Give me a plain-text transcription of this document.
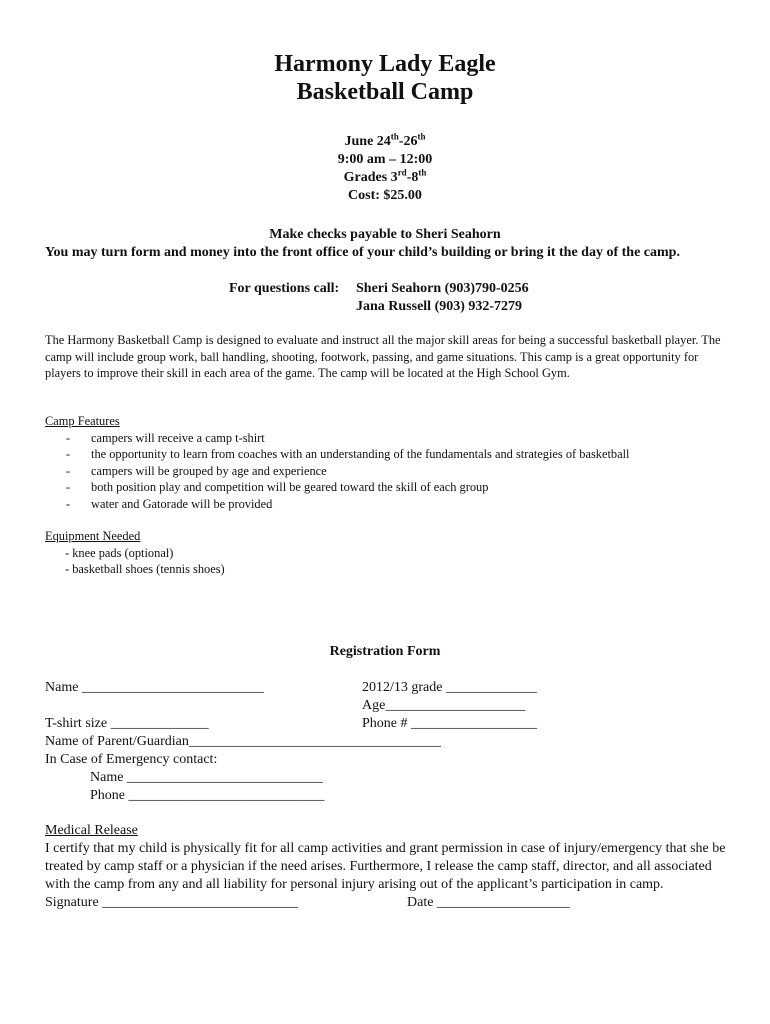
Harmony Lady Eagle
Basketball Camp
June 24th-26th
9:00 am – 12:00
Grades 3rd-8th
Cost: $25.00
Make checks payable to Sheri Seahorn
You may turn form and money into the front office of your child’s building or bring it the day of the camp.
For questions call:	Sheri Seahorn (903)790-0256
Jana Russell (903) 932-7279
The Harmony Basketball Camp is designed to evaluate and instruct all the major skill areas for being a successful basketball player. The camp will include group work, ball handling, shooting, footwork, passing, and game situations. This camp is a great opportunity for players to improve their skill in each area of the game. The camp will be located at the High School Gym.
Camp Features
-	campers will receive a camp t-shirt
-	the opportunity to learn from coaches with an understanding of the fundamentals and strategies of basketball
-	campers will be grouped by age and experience
-	both position play and competition will be geared toward the skill of each group
-	water and Gatorade will be provided
Equipment Needed
- knee pads (optional)
- basketball shoes (tennis shoes)
Registration Form
Name __________________________	2012/13 grade _____________
Age____________________
T-shirt size ______________	Phone # __________________
Name of Parent/Guardian____________________________________
In Case of Emergency contact:
Name ____________________________
Phone ____________________________
Medical Release
I certify that my child is physically fit for all camp activities and grant permission in case of injury/emergency that she be treated by camp staff or a physician if the need arises. Furthermore, I release the camp staff, director, and all associated with the camp from any and all liability for personal injury arising out of the applicant’s participation in camp.
Signature ____________________________	Date ___________________
